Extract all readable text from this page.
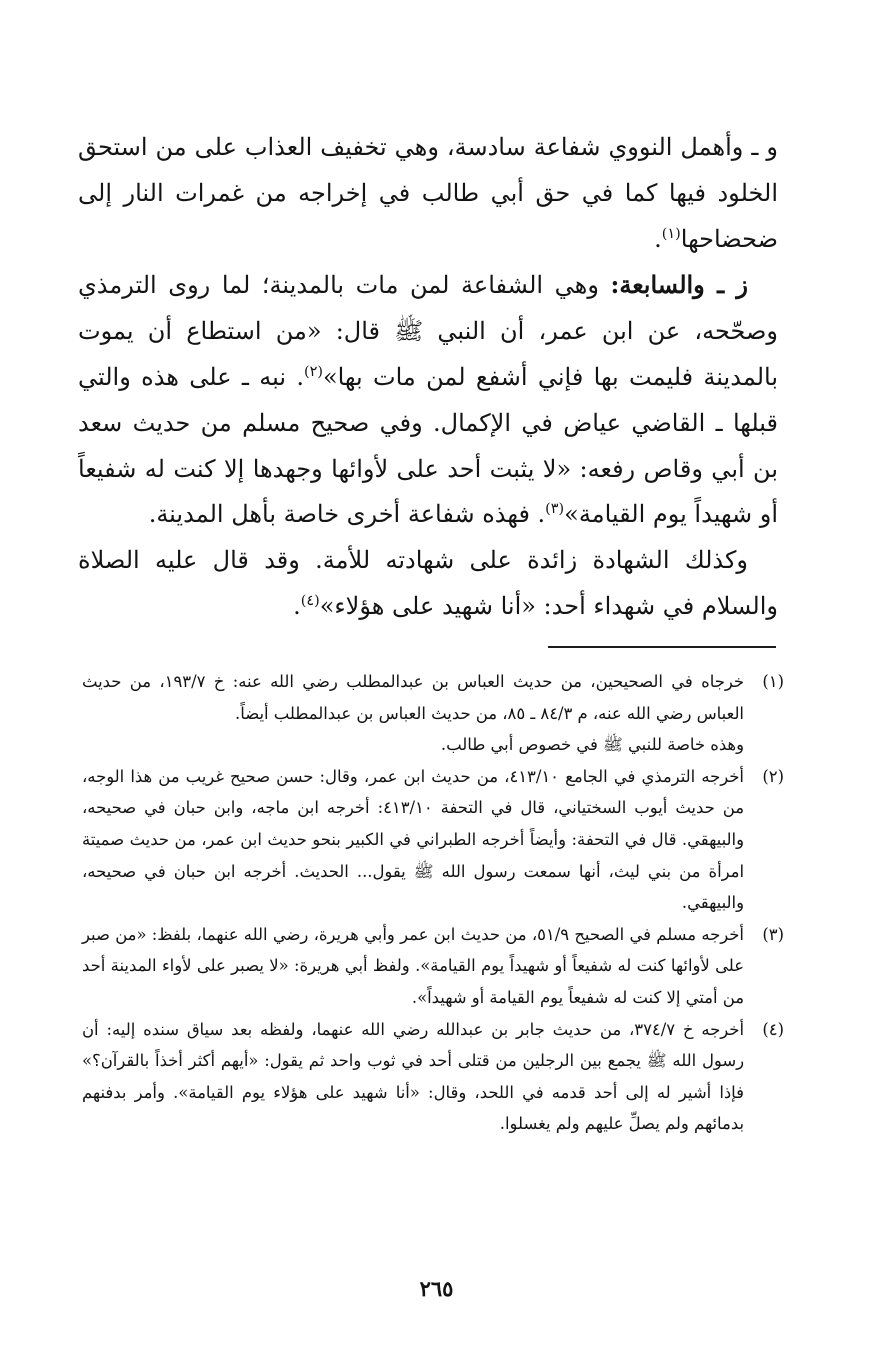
و ـ وأهمل النووي شفاعة سادسة، وهي تخفيف العذاب على من استحق الخلود فيها كما في حق أبي طالب في إخراجه من غمرات النار إلى ضحضاحها$^{(١)}$.

ز ـ والسابعة: وهي الشفاعة لمن مات بالمدينة؛ لما روى الترمذي وصحّحه، عن ابن عمر، أن النبي ﷺ قال: «من استطاع أن يموت بالمدينة فليمت بها فإني أشفع لمن مات بها»$^{(٢)}$. نبه ـ على هذه والتي قبلها ـ القاضي عياض في الإكمال. وفي صحيح مسلم من حديث سعد بن أبي وقاص رفعه: «لا يثبت أحد على لأوائها وجهدها إلا كنت له شفيعاً أو شهيداً يوم القيامة»$^{(٣)}$. فهذه شفاعة أخرى خاصة بأهل المدينة.

وكذلك الشهادة زائدة على شهادته للأمة. وقد قال عليه الصلاة والسلام في شهداء أحد: «أنا شهيد على هؤلاء»$^{(٤)}$.

(١)

خرجاه في الصحيحين، من حديث العباس بن عبدالمطلب رضي الله عنه: خ ١٩٣/٧، من حديث العباس رضي الله عنه، م ٨٤/٣ ـ ٨٥، من حديث العباس بن عبدالمطلب أيضاً.

وهذه خاصة للنبي ﷺ في خصوص أبي طالب.

(٢)

أخرجه الترمذي في الجامع ٤١٣/١٠، من حديث ابن عمر، وقال: حسن صحيح غريب من هذا الوجه، من حديث أيوب السختياني، قال في التحفة ٤١٣/١٠: أخرجه ابن ماجه، وابن حبان في صحيحه، والبيهقي. قال في التحفة: وأيضاً أخرجه الطبراني في الكبير بنحو حديث ابن عمر، من حديث صميتة امرأة من بني ليث، أنها سمعت رسول الله ﷺ يقول... الحديث. أخرجه ابن حبان في صحيحه، والبيهقي.

(٣)

أخرجه مسلم في الصحيح ٥١/٩، من حديث ابن عمر وأبي هريرة، رضي الله عنهما، بلفظ: «من صبر على لأوائها كنت له شفيعاً أو شهيداً يوم القيامة». ولفظ أبي هريرة: «لا يصبر على لأواء المدينة أحد من أمتي إلا كنت له شفيعاً يوم القيامة أو شهيداً».

(٤)

أخرجه خ ٣٧٤/٧، من حديث جابر بن عبدالله رضي الله عنهما، ولفظه بعد سياق سنده إليه: أن رسول الله ﷺ يجمع بين الرجلين من قتلى أحد في ثوب واحد ثم يقول: «أيهم أكثر أخذاً بالقرآن؟» فإذا أشير له إلى أحد قدمه في اللحد، وقال: «أنا شهيد على هؤلاء يوم القيامة». وأمر بدفنهم بدمائهم ولم يصلِّ عليهم ولم يغسلوا.

٢٦٥
